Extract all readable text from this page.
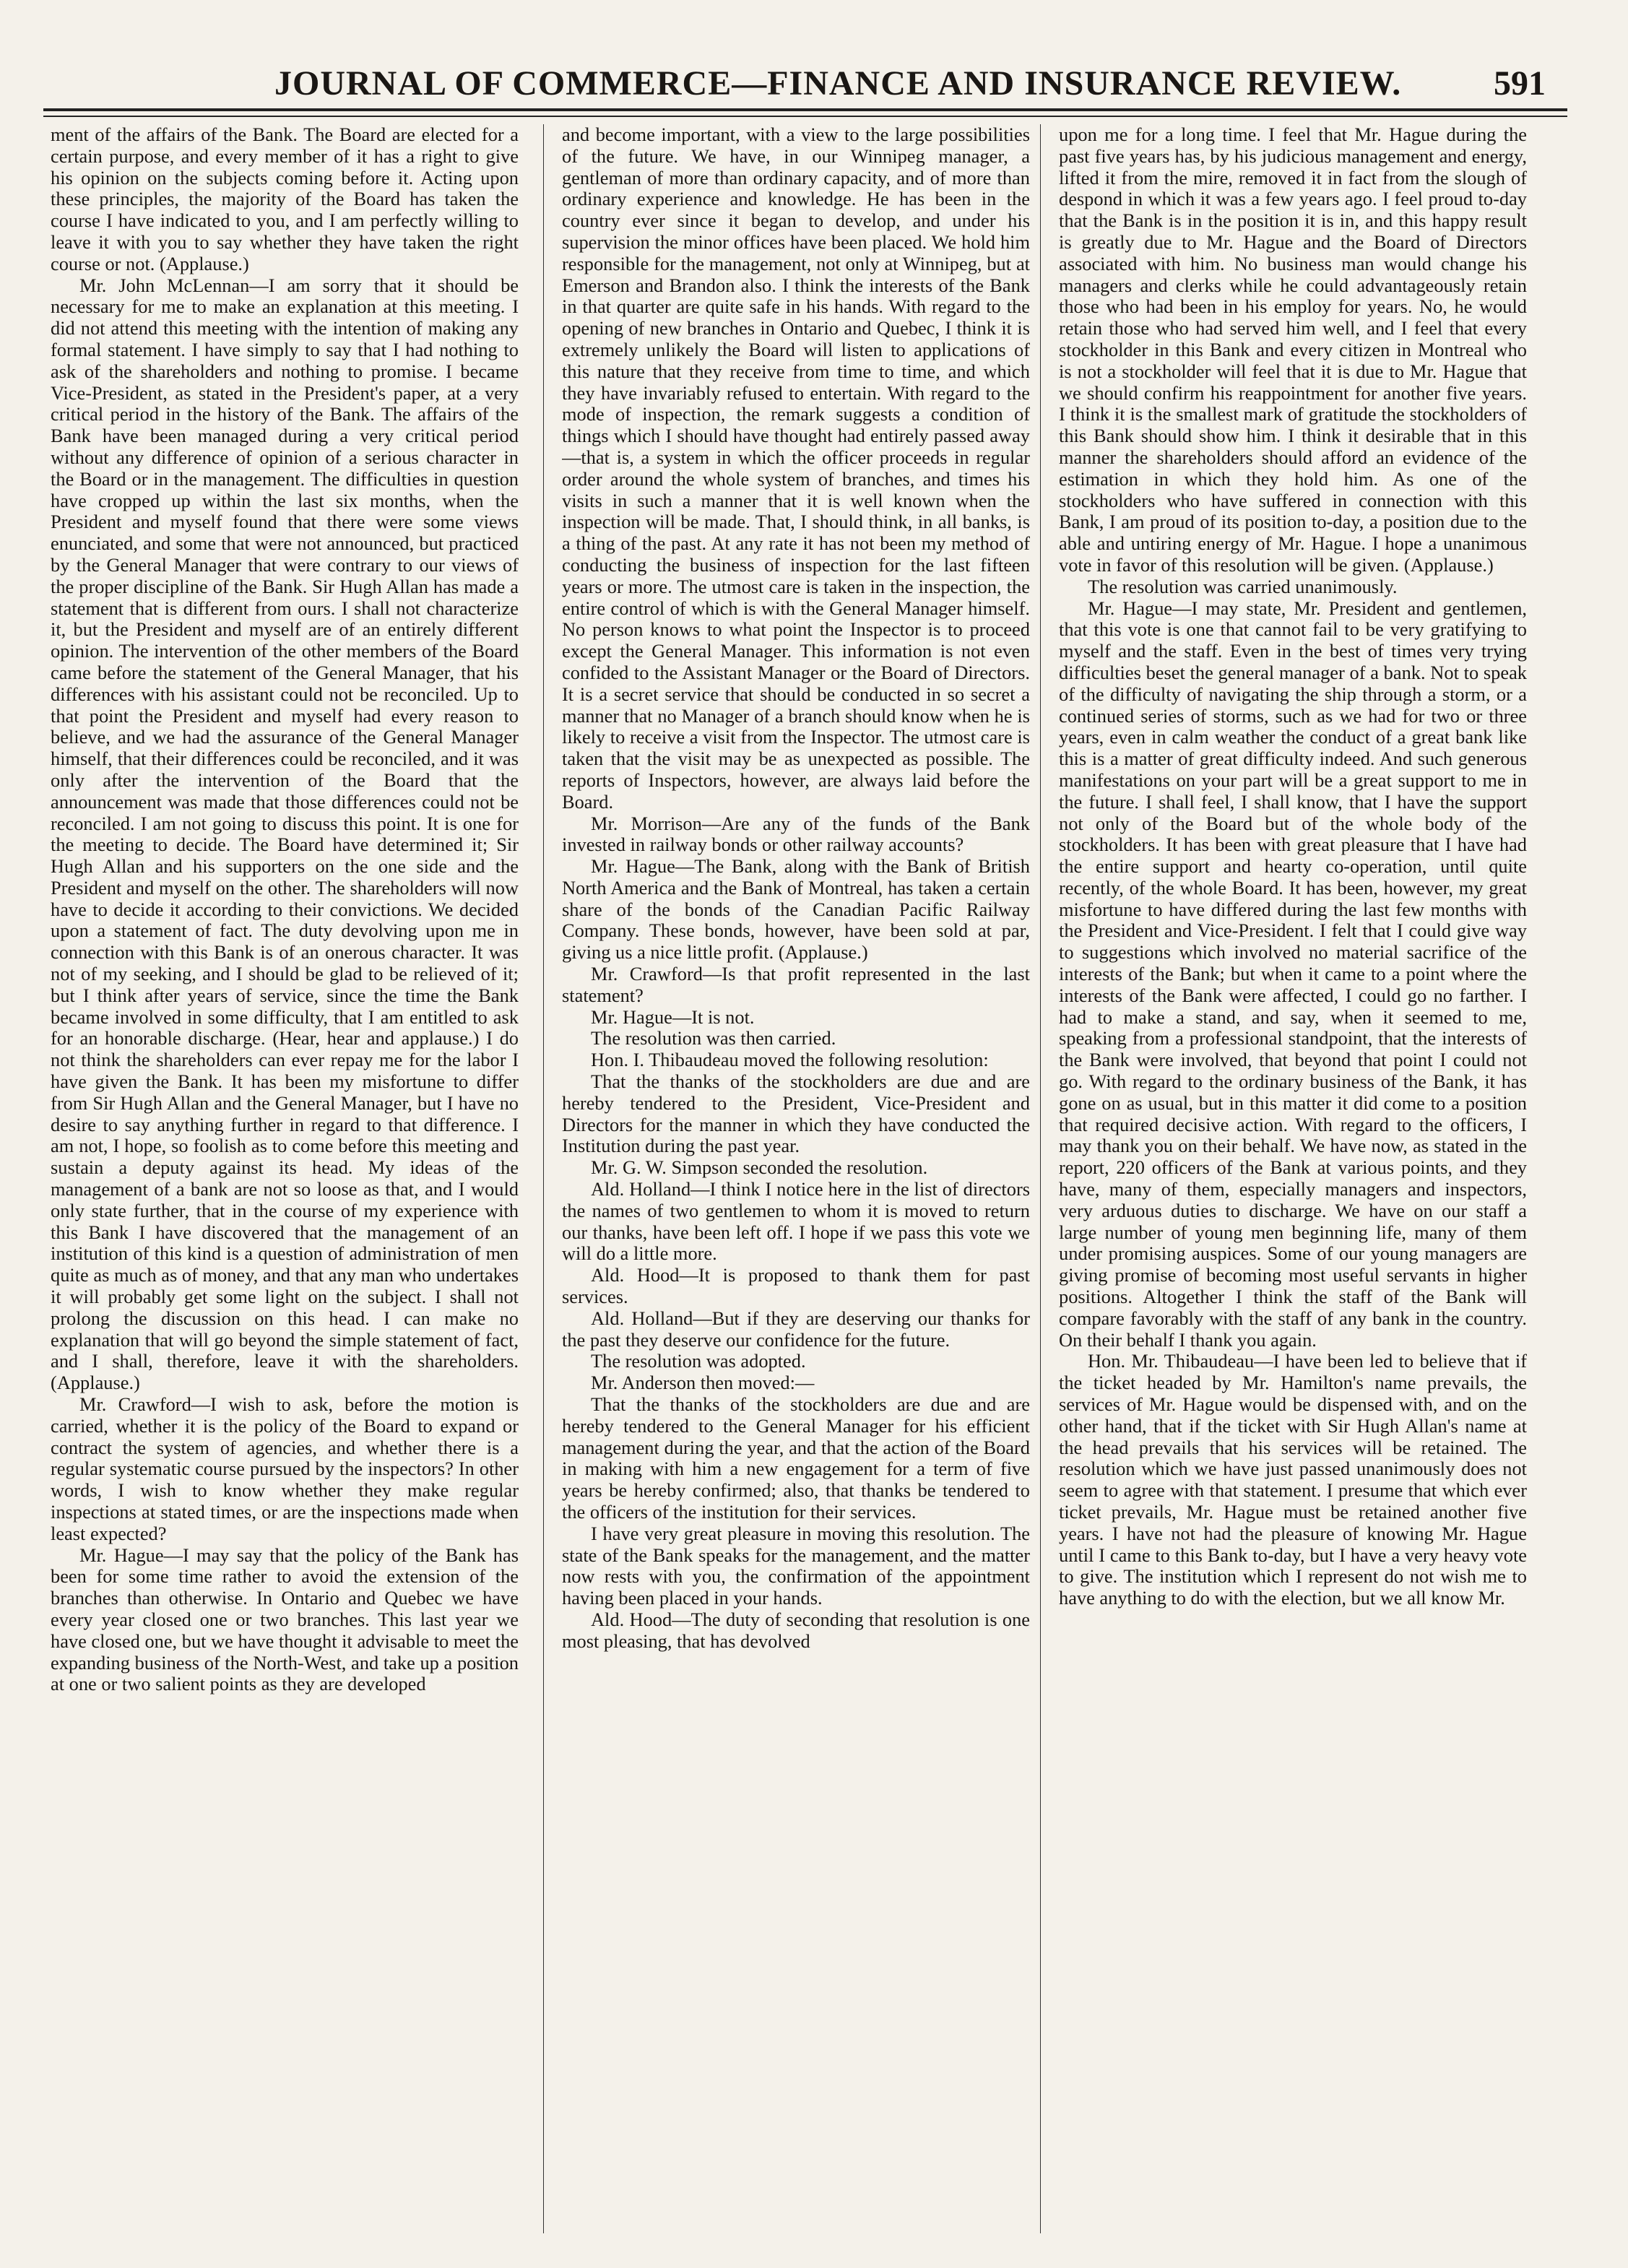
JOURNAL OF COMMERCE—FINANCE AND INSURANCE REVIEW.	591

ment of the affairs of the Bank. The Board are elected for a certain purpose, and every member of it has a right to give his opinion on the subjects coming before it. Acting upon these principles, the majority of the Board has taken the course I have indicated to you, and I am perfectly willing to leave it with you to say whether they have taken the right course or not. (Applause.)

Mr. John McLennan—I am sorry that it should be necessary for me to make an explanation at this meeting. I did not attend this meeting with the intention of making any formal statement. I have simply to say that I had nothing to ask of the shareholders and nothing to promise. I became Vice-President, as stated in the President's paper, at a very critical period in the history of the Bank. The affairs of the Bank have been managed during a very critical period without any difference of opinion of a serious character in the Board or in the management. The difficulties in question have cropped up within the last six months, when the President and myself found that there were some views enunciated, and some that were not announced, but practiced by the General Manager that were contrary to our views of the proper discipline of the Bank. Sir Hugh Allan has made a statement that is different from ours. I shall not characterize it, but the President and myself are of an entirely different opinion. The intervention of the other members of the Board came before the statement of the General Manager, that his differences with his assistant could not be reconciled. Up to that point the President and myself had every reason to believe, and we had the assurance of the General Manager himself, that their differences could be reconciled, and it was only after the intervention of the Board that the announcement was made that those differences could not be reconciled. I am not going to discuss this point. It is one for the meeting to decide. The Board have determined it; Sir Hugh Allan and his supporters on the one side and the President and myself on the other. The shareholders will now have to decide it according to their convictions. We decided upon a statement of fact. The duty devolving upon me in connection with this Bank is of an onerous character. It was not of my seeking, and I should be glad to be relieved of it; but I think after years of service, since the time the Bank became involved in some difficulty, that I am entitled to ask for an honorable discharge. (Hear, hear and applause.) I do not think the shareholders can ever repay me for the labor I have given the Bank. It has been my misfortune to differ from Sir Hugh Allan and the General Manager, but I have no desire to say anything further in regard to that difference. I am not, I hope, so foolish as to come before this meeting and sustain a deputy against its head. My ideas of the management of a bank are not so loose as that, and I would only state further, that in the course of my experience with this Bank I have discovered that the management of an institution of this kind is a question of administration of men quite as much as of money, and that any man who undertakes it will probably get some light on the subject. I shall not prolong the discussion on this head. I can make no explanation that will go beyond the simple statement of fact, and I shall, therefore, leave it with the shareholders. (Applause.)

Mr. Crawford—I wish to ask, before the motion is carried, whether it is the policy of the Board to expand or contract the system of agencies, and whether there is a regular systematic course pursued by the inspectors? In other words, I wish to know whether they make regular inspections at stated times, or are the inspections made when least expected?

Mr. Hague—I may say that the policy of the Bank has been for some time rather to avoid the extension of the branches than otherwise. In Ontario and Quebec we have every year closed one or two branches. This last year we have closed one, but we have thought it advisable to meet the expanding business of the North-West, and take up a position at one or two salient points as they are developed

and become important, with a view to the large possibilities of the future. We have, in our Winnipeg manager, a gentleman of more than ordinary capacity, and of more than ordinary experience and knowledge. He has been in the country ever since it began to develop, and under his supervision the minor offices have been placed. We hold him responsible for the management, not only at Winnipeg, but at Emerson and Brandon also. I think the interests of the Bank in that quarter are quite safe in his hands. With regard to the opening of new branches in Ontario and Quebec, I think it is extremely unlikely the Board will listen to applications of this nature that they receive from time to time, and which they have invariably refused to entertain. With regard to the mode of inspection, the remark suggests a condition of things which I should have thought had entirely passed away—that is, a system in which the officer proceeds in regular order around the whole system of branches, and times his visits in such a manner that it is well known when the inspection will be made. That, I should think, in all banks, is a thing of the past. At any rate it has not been my method of conducting the business of inspection for the last fifteen years or more. The utmost care is taken in the inspection, the entire control of which is with the General Manager himself. No person knows to what point the Inspector is to proceed except the General Manager. This information is not even confided to the Assistant Manager or the Board of Directors. It is a secret service that should be conducted in so secret a manner that no Manager of a branch should know when he is likely to receive a visit from the Inspector. The utmost care is taken that the visit may be as unexpected as possible. The reports of Inspectors, however, are always laid before the Board.

Mr. Morrison—Are any of the funds of the Bank invested in railway bonds or other railway accounts?

Mr. Hague—The Bank, along with the Bank of British North America and the Bank of Montreal, has taken a certain share of the bonds of the Canadian Pacific Railway Company. These bonds, however, have been sold at par, giving us a nice little profit. (Applause.)

Mr. Crawford—Is that profit represented in the last statement?

Mr. Hague—It is not.

The resolution was then carried.

Hon. I. Thibaudeau moved the following resolution:

That the thanks of the stockholders are due and are hereby tendered to the President, Vice-President and Directors for the manner in which they have conducted the Institution during the past year.

Mr. G. W. Simpson seconded the resolution.

Ald. Holland—I think I notice here in the list of directors the names of two gentlemen to whom it is moved to return our thanks, have been left off. I hope if we pass this vote we will do a little more.

Ald. Hood—It is proposed to thank them for past services.

Ald. Holland—But if they are deserving our thanks for the past they deserve our confidence for the future.

The resolution was adopted.

Mr. Anderson then moved:—

That the thanks of the stockholders are due and are hereby tendered to the General Manager for his efficient management during the year, and that the action of the Board in making with him a new engagement for a term of five years be hereby confirmed; also, that thanks be tendered to the officers of the institution for their services.

I have very great pleasure in moving this resolution. The state of the Bank speaks for the management, and the matter now rests with you, the confirmation of the appointment having been placed in your hands.

Ald. Hood—The duty of seconding that resolution is one most pleasing, that has devolved

upon me for a long time. I feel that Mr. Hague during the past five years has, by his judicious management and energy, lifted it from the mire, removed it in fact from the slough of despond in which it was a few years ago. I feel proud to-day that the Bank is in the position it is in, and this happy result is greatly due to Mr. Hague and the Board of Directors associated with him. No business man would change his managers and clerks while he could advantageously retain those who had been in his employ for years. No, he would retain those who had served him well, and I feel that every stockholder in this Bank and every citizen in Montreal who is not a stockholder will feel that it is due to Mr. Hague that we should confirm his reappointment for another five years. I think it is the smallest mark of gratitude the stockholders of this Bank should show him. I think it desirable that in this manner the shareholders should afford an evidence of the estimation in which they hold him. As one of the stockholders who have suffered in connection with this Bank, I am proud of its position to-day, a position due to the able and untiring energy of Mr. Hague. I hope a unanimous vote in favor of this resolution will be given. (Applause.)

The resolution was carried unanimously.

Mr. Hague—I may state, Mr. President and gentlemen, that this vote is one that cannot fail to be very gratifying to myself and the staff. Even in the best of times very trying difficulties beset the general manager of a bank. Not to speak of the difficulty of navigating the ship through a storm, or a continued series of storms, such as we had for two or three years, even in calm weather the conduct of a great bank like this is a matter of great difficulty indeed. And such generous manifestations on your part will be a great support to me in the future. I shall feel, I shall know, that I have the support not only of the Board but of the whole body of the stockholders. It has been with great pleasure that I have had the entire support and hearty co-operation, until quite recently, of the whole Board. It has been, however, my great misfortune to have differed during the last few months with the President and Vice-President. I felt that I could give way to suggestions which involved no material sacrifice of the interests of the Bank; but when it came to a point where the interests of the Bank were affected, I could go no farther. I had to make a stand, and say, when it seemed to me, speaking from a professional standpoint, that the interests of the Bank were involved, that beyond that point I could not go. With regard to the ordinary business of the Bank, it has gone on as usual, but in this matter it did come to a position that required decisive action. With regard to the officers, I may thank you on their behalf. We have now, as stated in the report, 220 officers of the Bank at various points, and they have, many of them, especially managers and inspectors, very arduous duties to discharge. We have on our staff a large number of young men beginning life, many of them under promising auspices. Some of our young managers are giving promise of becoming most useful servants in higher positions. Altogether I think the staff of the Bank will compare favorably with the staff of any bank in the country. On their behalf I thank you again.

Hon. Mr. Thibaudeau—I have been led to believe that if the ticket headed by Mr. Hamilton's name prevails, the services of Mr. Hague would be dispensed with, and on the other hand, that if the ticket with Sir Hugh Allan's name at the head prevails that his services will be retained. The resolution which we have just passed unanimously does not seem to agree with that statement. I presume that which ever ticket prevails, Mr. Hague must be retained another five years. I have not had the pleasure of knowing Mr. Hague until I came to this Bank to-day, but I have a very heavy vote to give. The institution which I represent do not wish me to have anything to do with the election, but we all know Mr.
